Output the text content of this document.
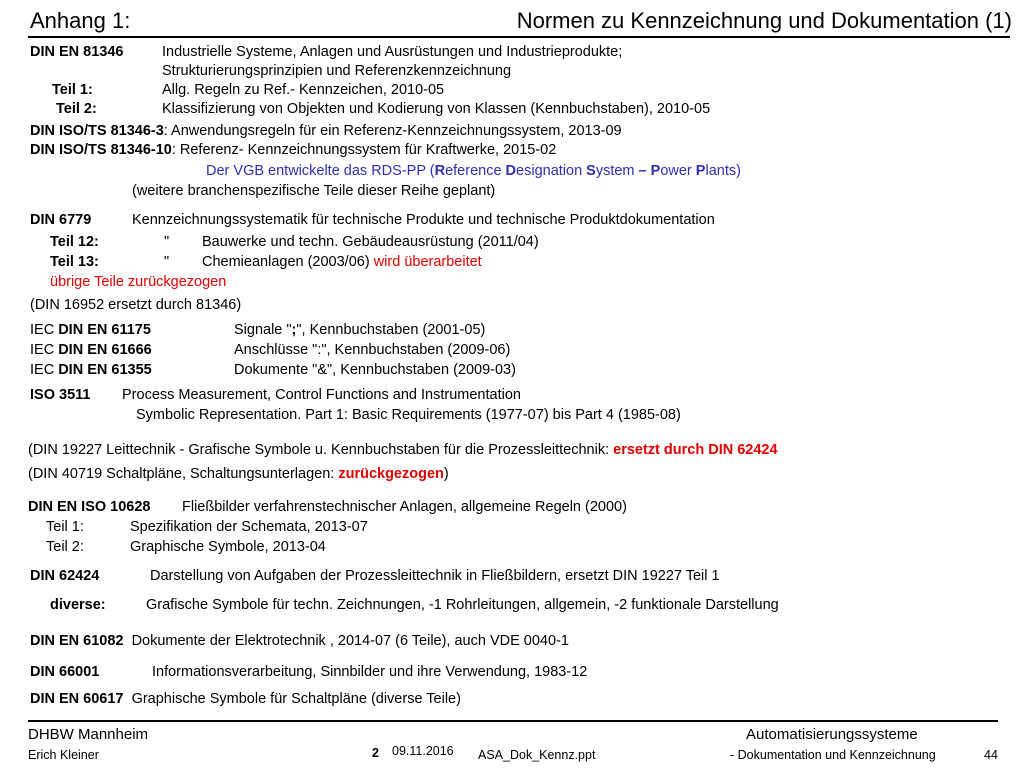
Anhang 1:	Normen zu Kennzeichnung und Dokumentation (1)
DIN EN 81346	Industrielle Systeme, Anlagen und Ausrüstungen und Industrieprodukte;
Strukturierungsprinzipien und Referenzkennzeichnung
Teil 1:	Allg. Regeln zu Ref.- Kennzeichen, 2010-05
Teil 2:	Klassifizierung von Objekten und Kodierung von Klassen (Kennbuchstaben), 2010-05
DIN ISO/TS 81346-3: Anwendungsregeln für ein Referenz-Kennzeichnungssystem, 2013-09
DIN ISO/TS 81346-10: Referenz- Kennzeichnungssystem für Kraftwerke, 2015-02
Der VGB entwickelte das RDS-PP (Reference Designation System – Power Plants)
(weitere branchenspezifische Teile dieser Reihe geplant)
DIN 6779	Kennzeichnungssystematik für technische Produkte und technische Produktdokumentation
Teil 12:	" Bauwerke und techn. Gebäudeausrüstung (2011/04)
Teil 13:	" Chemieanlagen (2003/06) wird überarbeitet
übrige Teile zurückgezogen
(DIN 16952 ersetzt durch 81346)
IEC DIN EN 61175	Signale ";", Kennbuchstaben (2001-05)
IEC DIN EN 61666	Anschlüsse ":", Kennbuchstaben (2009-06)
IEC DIN EN 61355	Dokumente "&", Kennbuchstaben (2009-03)
ISO 3511 Process Measurement, Control Functions and Instrumentation
Symbolic Representation. Part 1: Basic Requirements (1977-07) bis Part 4 (1985-08)
(DIN 19227 Leittechnik - Grafische Symbole u. Kennbuchstaben für die Prozessleittechnik: ersetzt durch DIN 62424
(DIN 40719 Schaltpläne, Schaltungsunterlagen: zurückgezogen)
DIN EN ISO 10628 Fließbilder verfahrenstechnischer Anlagen, allgemeine Regeln (2000)
Teil 1:	Spezifikation der Schemata, 2013-07
Teil 2:	Graphische Symbole, 2013-04
DIN 62424	Darstellung von Aufgaben der Prozessleittechnik in Fließbildern, ersetzt DIN 19227 Teil 1
diverse:	Grafische Symbole für techn. Zeichnungen, -1 Rohrleitungen, allgemein, -2 funktionale Darstellung
DIN EN 61082 Dokumente der Elektrotechnik , 2014-07 (6 Teile), auch VDE 0040-1
DIN 66001	Informationsverarbeitung, Sinnbilder und ihre Verwendung, 1983-12
DIN EN 60617 Graphische Symbole für Schaltpläne (diverse Teile)
DHBW Mannheim
Erich Kleiner	2 09.11.2016 ASA_Dok_Kennz.ppt
Automatisierungssysteme
- Dokumentation und Kennzeichnung	44
